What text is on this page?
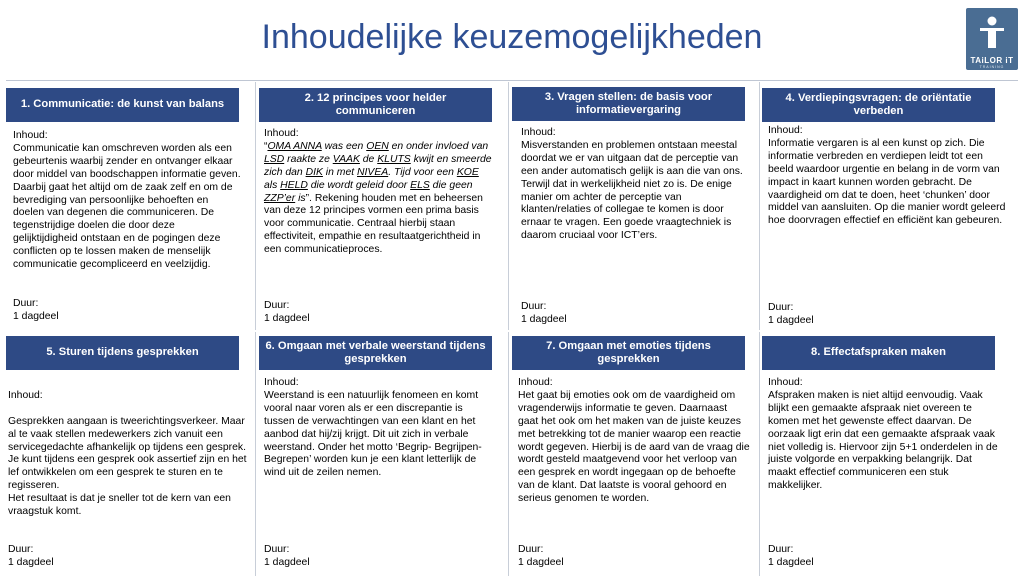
Inhoudelijke keuzemogelijkheden
TAiLOR iT
TRAINING
1. Communicatie: de kunst van balans
Inhoud:
Communicatie kan omschreven worden als een gebeurtenis waarbij zender en ontvanger elkaar door middel van boodschappen informatie geven. Daarbij gaat het altijd om de zaak zelf en om de bevrediging van persoonlijke behoeften en doelen van degenen die communiceren. De tegenstrijdige doelen die door deze gelijktijdigheid ontstaan en de pogingen deze conflicten op te lossen maken de menselijk communicatie gecompliceerd en veelzijdig.
Duur:
1 dagdeel
2. 12 principes voor helder communiceren
Inhoud:
“OMA ANNA was een OEN en onder invloed van LSD raakte ze VAAK de KLUTS kwijt en smeerde zich dan DIK in met NIVEA. Tijd voor een KOE als HELD die wordt geleid door ELS die geen ZZP’er is”. Rekening houden met en beheersen van deze 12 principes vormen een prima basis voor communicatie. Centraal hierbij staan effectiviteit, empathie en resultaatgerichtheid in een communicatieproces.
Duur:
1 dagdeel
3. Vragen stellen: de basis voor informatievergaring
Inhoud:
Misverstanden en problemen ontstaan meestal doordat we er van uitgaan dat de perceptie van een ander automatisch gelijk is aan die van ons. Terwijl dat in werkelijkheid niet zo is. De enige manier om achter de perceptie van klanten/relaties of collegae te komen is door ernaar te vragen. Een goede vraagtechniek is daarom cruciaal voor ICT’ers.
Duur:
1 dagdeel
4. Verdiepingsvragen: de oriëntatie verbeden
Inhoud:
Informatie vergaren is al een kunst op zich. Die informatie verbreden en verdiepen leidt tot een beeld waardoor urgentie en belang in de vorm van impact in kaart kunnen worden gebracht. De vaardigheid om dat te doen, heet ‘chunken’ door middel van aansluiten. Op die manier wordt geleerd hoe doorvragen effectief en efficiënt kan gebeuren.
Duur:
1 dagdeel
5. Sturen tijdens gesprekken

Inhoud:

Gesprekken aangaan is tweerichtingsverkeer. Maar al te vaak stellen medewerkers zich vanuit een servicegedachte afhankelijk op tijdens een gesprek. Je kunt tijdens een gesprek ook assertief zijn en het lef ontwikkelen om een gesprek te sturen en te regisseren.
Het resultaat is dat je sneller tot de kern van een vraagstuk komt.

Duur:
1 dagdeel
6. Omgaan met verbale weerstand tijdens gesprekken
Inhoud:
Weerstand is een natuurlijk fenomeen en komt vooral naar voren als er een discrepantie is tussen de verwachtingen van een klant en het aanbod dat hij/zij krijgt. Dit uit zich in verbale weerstand. Onder het motto ‘Begrip- Begrijpen- Begrepen’ worden kun je een klant letterlijk de wind uit de zeilen nemen.
Duur:
1 dagdeel
7. Omgaan met emoties tijdens gesprekken
Inhoud:
Het gaat bij emoties ook om de vaardigheid om vragenderwijs informatie te geven. Daarnaast gaat het ook om het maken van de juiste keuzes met betrekking tot de manier waarop een reactie wordt gegeven. Hierbij is de aard van de vraag die wordt gesteld maatgevend voor het verloop van een gesprek en wordt ingegaan op de behoefte van de klant. Dat laatste is vooral gehoord en serieus genomen te worden.
Duur:
1 dagdeel
8. Effectafspraken maken
Inhoud:
Afspraken maken is niet altijd eenvoudig. Vaak blijkt een gemaakte afspraak niet overeen te komen met het gewenste effect daarvan. De oorzaak ligt erin dat een gemaakte afspraak vaak niet volledig is. Hiervoor zijn 5+1 onderdelen in de juiste volgorde en verpakking belangrijk. Dat maakt effectief communiceren een stuk makkelijker.
Duur:
1 dagdeel
